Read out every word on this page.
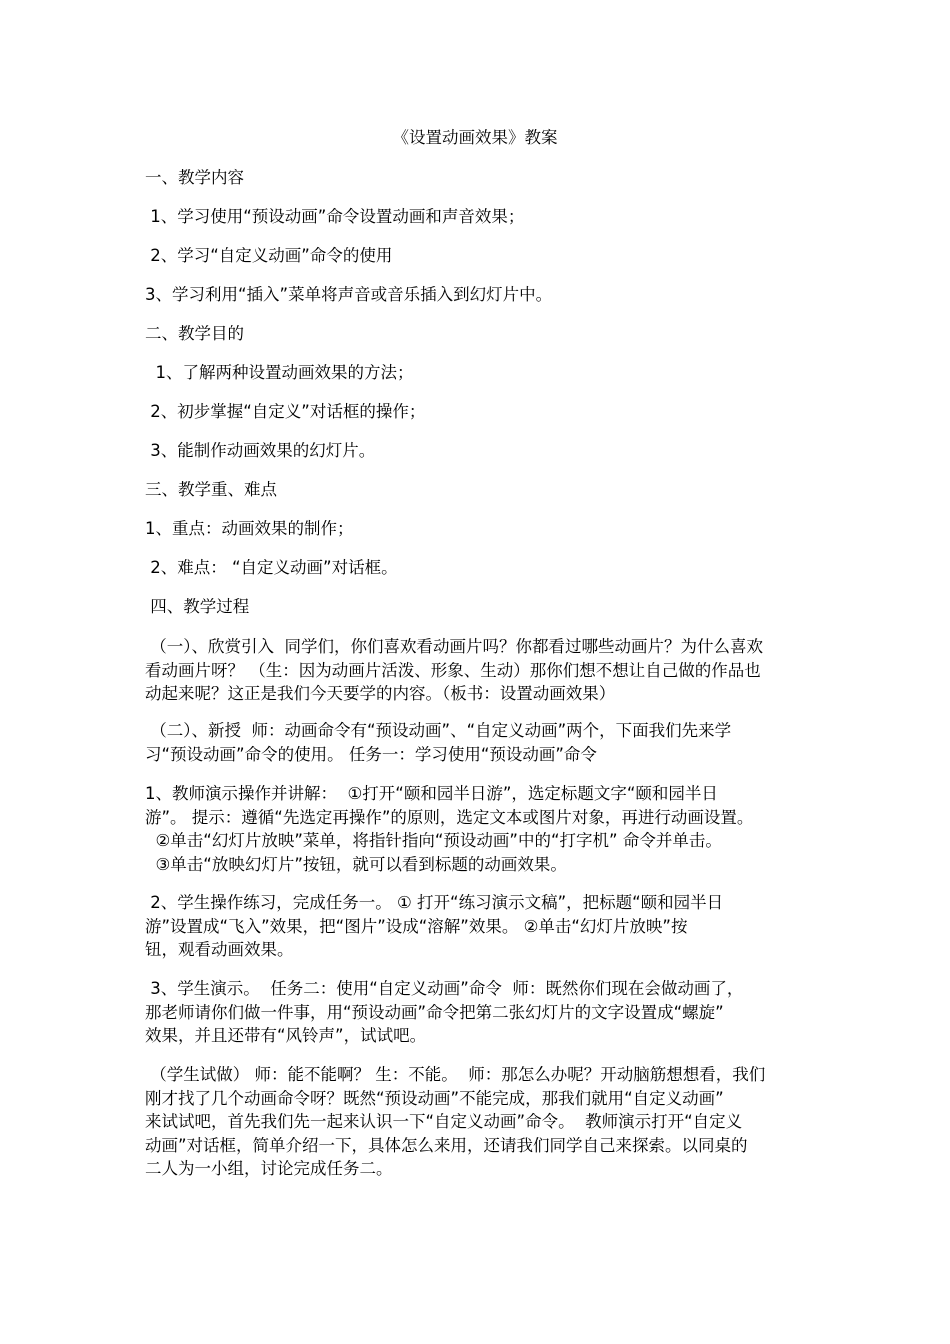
《设置动画效果》教案

一、教学内容

1、学习使用“预设动画”命令设置动画和声音效果；

2、学习“自定义动画”命令的使用

3、学习利用“插入”菜单将声音或音乐插入到幻灯片中。

二、教学目的

1、了解两种设置动画效果的方法；

2、初步掌握“自定义”对话框的操作；

3、能制作动画效果的幻灯片。

三、教学重、难点

1、重点：动画效果的制作；

2、难点： “自定义动画”对话框。

四、教学过程

（一）、欣赏引入  同学们，你们喜欢看动画片吗？你都看过哪些动画片？为什么喜欢
看动画片呀？ （生：因为动画片活泼、形象、生动）那你们想不想让自己做的作品也
动起来呢？这正是我们今天要学的内容。（板书：设置动画效果）
（二）、新授  师：动画命令有“预设动画”、“自定义动画”两个，下面我们先来学
习“预设动画”命令的使用。 任务一：学习使用“预设动画”命令
1、教师演示操作并讲解：  ①打开“颐和园半日游”，选定标题文字“颐和园半日
游”。 提示：遵循“先选定再操作”的原则，选定文本或图片对象，再进行动画设置。
②单击“幻灯片放映”菜单，将指针指向“预设动画”中的“打字机” 命令并单击。
③单击“放映幻灯片”按钮，就可以看到标题的动画效果。
2、学生操作练习，完成任务一。 ① 打开“练习演示文稿”，把标题“颐和园半日
游”设置成“飞入”效果，把“图片”设成“溶解”效果。 ②单击“幻灯片放映”按
钮，观看动画效果。
3、学生演示。  任务二：使用“自定义动画”命令  师：既然你们现在会做动画了，
那老师请你们做一件事，用“预设动画”命令把第二张幻灯片的文字设置成“螺旋”
效果，并且还带有“风铃声”，试试吧。
（学生试做） 师：能不能啊？ 生：不能。  师：那怎么办呢？开动脑筋想想看，我们
刚才找了几个动画命令呀？既然“预设动画”不能完成，那我们就用“自定义动画”
来试试吧，首先我们先一起来认识一下“自定义动画”命令。  教师演示打开“自定义
动画”对话框，简单介绍一下，具体怎么来用，还请我们同学自己来探索。以同桌的
二人为一小组，讨论完成任务二。
